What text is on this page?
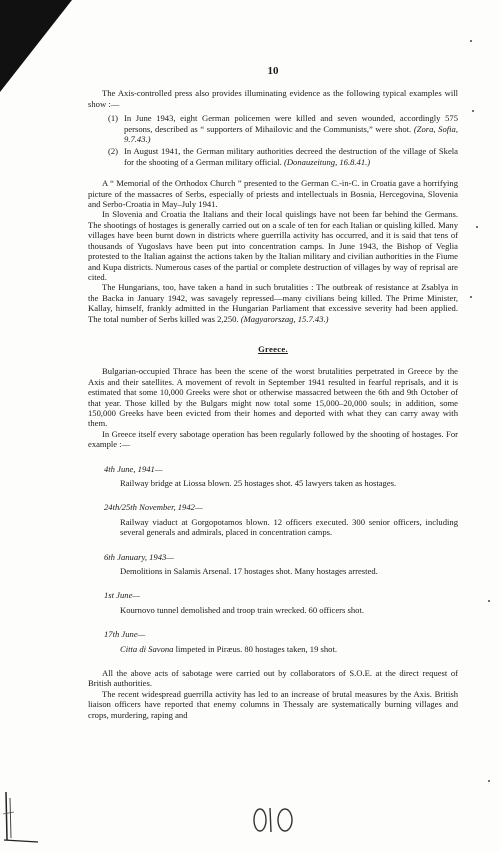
10

The Axis-controlled press also provides illuminating evidence as the following typical examples will show :—

(1) In June 1943, eight German policemen were killed and seven wounded, accordingly 575 persons, described as “ supporters of Mihailovic and the Communists,” were shot. (Zora, Sofia, 9.7.43.)
(2) In August 1941, the German military authorities decreed the destruction of the village of Skela for the shooting of a German military official. (Donauzeitung, 16.8.41.)

A “ Memorial of the Orthodox Church ” presented to the German C.-in-C. in Croatia gave a horrifying picture of the massacres of Serbs, especially of priests and intellectuals in Bosnia, Hercegovina, Slovenia and Serbo-Croatia in May–July 1941.

In Slovenia and Croatia the Italians and their local quislings have not been far behind the Germans. The shootings of hostages is generally carried out on a scale of ten for each Italian or quisling killed. Many villages have been burnt down in districts where guerrilla activity has occurred, and it is said that tens of thousands of Yugoslavs have been put into concentration camps. In June 1943, the Bishop of Veglia protested to the Italian against the actions taken by the Italian military and civilian authorities in the Fiume and Kupa districts. Numerous cases of the partial or complete destruction of villages by way of reprisal are cited.

The Hungarians, too, have taken a hand in such brutalities : The outbreak of resistance at Zsablya in the Backa in January 1942, was savagely repressed—many civilians being killed. The Prime Minister, Kallay, himself, frankly admitted in the Hungarian Parliament that excessive severity had been applied. The total number of Serbs killed was 2,250. (Magyarorszag, 15.7.43.)

Greece.

Bulgarian-occupied Thrace has been the scene of the worst brutalities perpetrated in Greece by the Axis and their satellites. A movement of revolt in September 1941 resulted in fearful reprisals, and it is estimated that some 10,000 Greeks were shot or otherwise massacred between the 6th and 9th October of that year. Those killed by the Bulgars might now total some 15,000–20,000 souls; in addition, some 150,000 Greeks have been evicted from their homes and deported with what they can carry away with them.

In Greece itself every sabotage operation has been regularly followed by the shooting of hostages. For example :—

4th June, 1941—
Railway bridge at Liossa blown. 25 hostages shot. 45 lawyers taken as hostages.
24th/25th November, 1942—
Railway viaduct at Gorgopotamos blown. 12 officers executed. 300 senior officers, including several generals and admirals, placed in concentration camps.
6th January, 1943—
Demolitions in Salamis Arsenal. 17 hostages shot. Many hostages arrested.
1st June—
Kournovo tunnel demolished and troop train wrecked. 60 officers shot.
17th June—
Citta di Savona limpeted in Piræus. 80 hostages taken, 19 shot.

All the above acts of sabotage were carried out by collaborators of S.O.E. at the direct request of British authorities.

The recent widespread guerrilla activity has led to an increase of brutal measures by the Axis. British liaison officers have reported that enemy columns in Thessaly are systematically burning villages and crops, murdering, raping and
